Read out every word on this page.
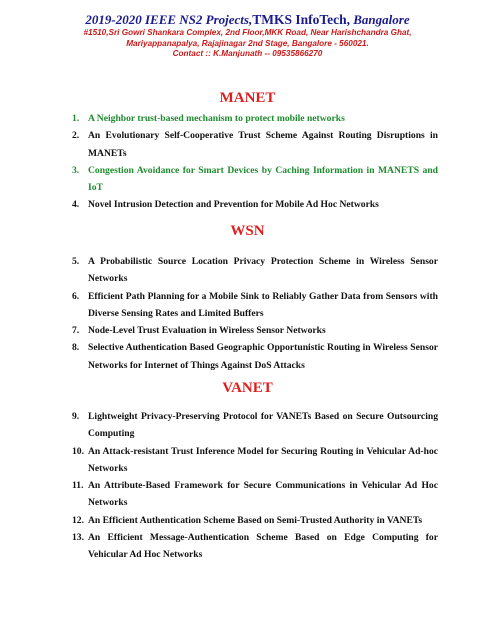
2019-2020 IEEE NS2 Projects,TMKS InfoTech, Bangalore
#1510,Sri Gowri Shankara Complex, 2nd Floor,MKK Road, Near Harishchandra Ghat,
Mariyappanapalya, Rajajinagar 2nd Stage, Bangalore - 560021.
Contact :: K.Manjunath -- 09535866270
MANET
1. A Neighbor trust-based mechanism to protect mobile networks
2. An Evolutionary Self-Cooperative Trust Scheme Against Routing Disruptions in MANETs
3. Congestion Avoidance for Smart Devices by Caching Information in MANETS and IoT
4. Novel Intrusion Detection and Prevention for Mobile Ad Hoc Networks
WSN
5. A Probabilistic Source Location Privacy Protection Scheme in Wireless Sensor Networks
6. Efficient Path Planning for a Mobile Sink to Reliably Gather Data from Sensors with Diverse Sensing Rates and Limited Buffers
7. Node-Level Trust Evaluation in Wireless Sensor Networks
8. Selective Authentication Based Geographic Opportunistic Routing in Wireless Sensor Networks for Internet of Things Against DoS Attacks
VANET
9. Lightweight Privacy-Preserving Protocol for VANETs Based on Secure Outsourcing Computing
10. An Attack-resistant Trust Inference Model for Securing Routing in Vehicular Ad-hoc Networks
11. An Attribute-Based Framework for Secure Communications in Vehicular Ad Hoc Networks
12. An Efficient Authentication Scheme Based on Semi-Trusted Authority in VANETs
13. An Efficient Message-Authentication Scheme Based on Edge Computing for Vehicular Ad Hoc Networks
